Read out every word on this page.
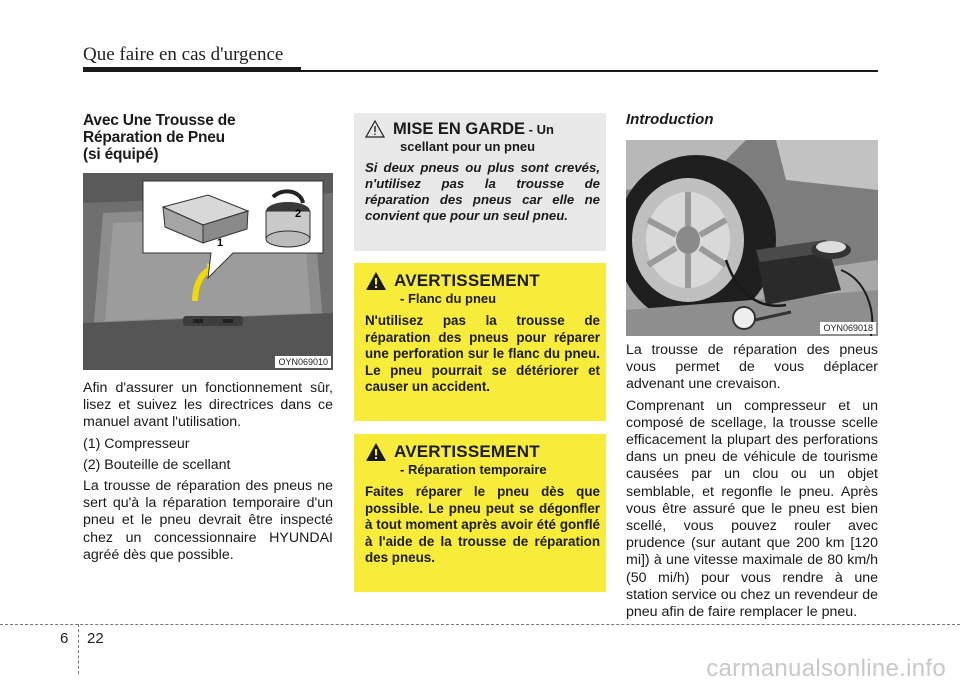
Que faire en cas d'urgence
Avec Une Trousse de
Réparation de Pneu
(si équipé)
1
2
OYN069010

Afin d'assurer un fonctionnement sûr, lisez et suivez les directrices dans ce manuel avant l'utilisation.

(1) Compresseur

(2) Bouteille de scellant

La trousse de réparation des pneus ne sert qu'à la réparation temporaire d'un pneu et le pneu devrait être inspecté chez un concessionnaire HYUNDAI agréé dès que possible.

MISE EN GARDE - Un
scellant pour un pneu
Si deux pneus ou plus sont crevés, n'utilisez pas la trousse de réparation des pneus car elle ne convient que pour un seul pneu.
AVERTISSEMENT
- Flanc du pneu
N'utilisez pas la trousse de réparation des pneus pour réparer une perforation sur le flanc du pneu. Le pneu pourrait se détériorer et causer un accident.
AVERTISSEMENT
- Réparation temporaire
Faites réparer le pneu dès que possible. Le pneu peut se dégonfler à tout moment après avoir été gonflé à l'aide de la trousse de réparation des pneus.
Introduction
OYN069018

La trousse de réparation des pneus vous permet de vous déplacer advenant une crevaison.

Comprenant un compresseur et un composé de scellage, la trousse scelle efficacement la plupart des perforations dans un pneu de véhicule de tourisme causées par un clou ou un objet semblable, et regonfle le pneu. Après vous être assuré que le pneu est bien scellé, vous pouvez rouler avec prudence (sur autant que 200 km [120 mi]) à une vitesse maximale de 80 km/h (50 mi/h) pour vous rendre à une station service ou chez un revendeur de pneu afin de faire remplacer le pneu.

6 22
carmanualsonline.info
